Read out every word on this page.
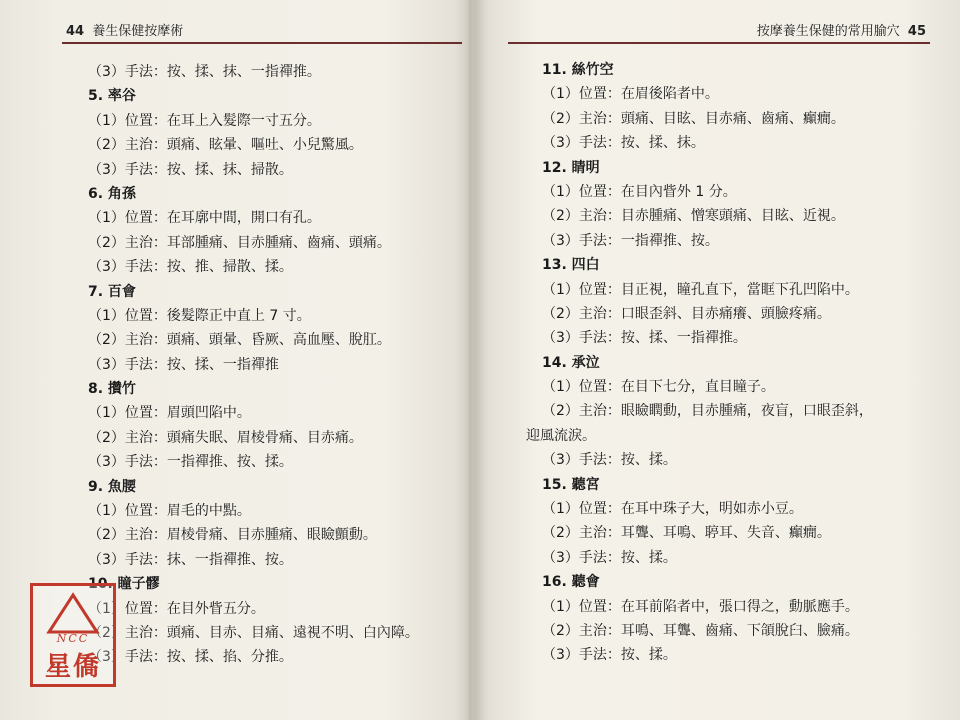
44 養生保健按摩術
（3）手法：按、揉、抹、一指禪推。
5. 率谷
（1）位置：在耳上入髮際一寸五分。
（2）主治：頭痛、眩暈、嘔吐、小兒驚風。
（3）手法：按、揉、抹、掃散。
6. 角孫
（1）位置：在耳廓中間，開口有孔。
（2）主治：耳部腫痛、目赤腫痛、齒痛、頭痛。
（3）手法：按、推、掃散、揉。
7. 百會
（1）位置：後髮際正中直上 7 寸。
（2）主治：頭痛、頭暈、昏厥、高血壓、脫肛。
（3）手法：按、揉、一指禪推
8. 攢竹
（1）位置：眉頭凹陷中。
（2）主治：頭痛失眠、眉棱骨痛、目赤痛。
（3）手法：一指禪推、按、揉。
9. 魚腰
（1）位置：眉毛的中點。
（2）主治：眉棱骨痛、目赤腫痛、眼瞼顫動。
（3）手法：抹、一指禪推、按。
10. 瞳子髎
（1）位置：在目外眥五分。
（2）主治：頭痛、目赤、目痛、遠視不明、白內障。
（3）手法：按、揉、掐、分推。
按摩養生保健的常用腧穴 45
11. 絲竹空
（1）位置：在眉後陷者中。
（2）主治：頭痛、目眩、目赤痛、齒痛、癲癇。
（3）手法：按、揉、抹。
12. 睛明
（1）位置：在目內眥外 1 分。
（2）主治：目赤腫痛、憎寒頭痛、目眩、近視。
（3）手法：一指禪推、按。
13. 四白
（1）位置：目正視，瞳孔直下，當眶下孔凹陷中。
（2）主治：口眼歪斜、目赤痛癢、頭臉疼痛。
（3）手法：按、揉、一指禪推。
14. 承泣
（1）位置：在目下七分，直目瞳子。
（2）主治：眼瞼瞤動，目赤腫痛，夜盲，口眼歪斜，
迎風流淚。
（3）手法：按、揉。
15. 聽宮
（1）位置：在耳中珠子大，明如赤小豆。
（2）主治：耳聾、耳鳴、聤耳、失音、癲癇。
（3）手法：按、揉。
16. 聽會
（1）位置：在耳前陷者中，張口得之，動脈應手。
（2）主治：耳鳴、耳聾、齒痛、下頜脫臼、臉痛。
（3）手法：按、揉。
NCC
星僑
